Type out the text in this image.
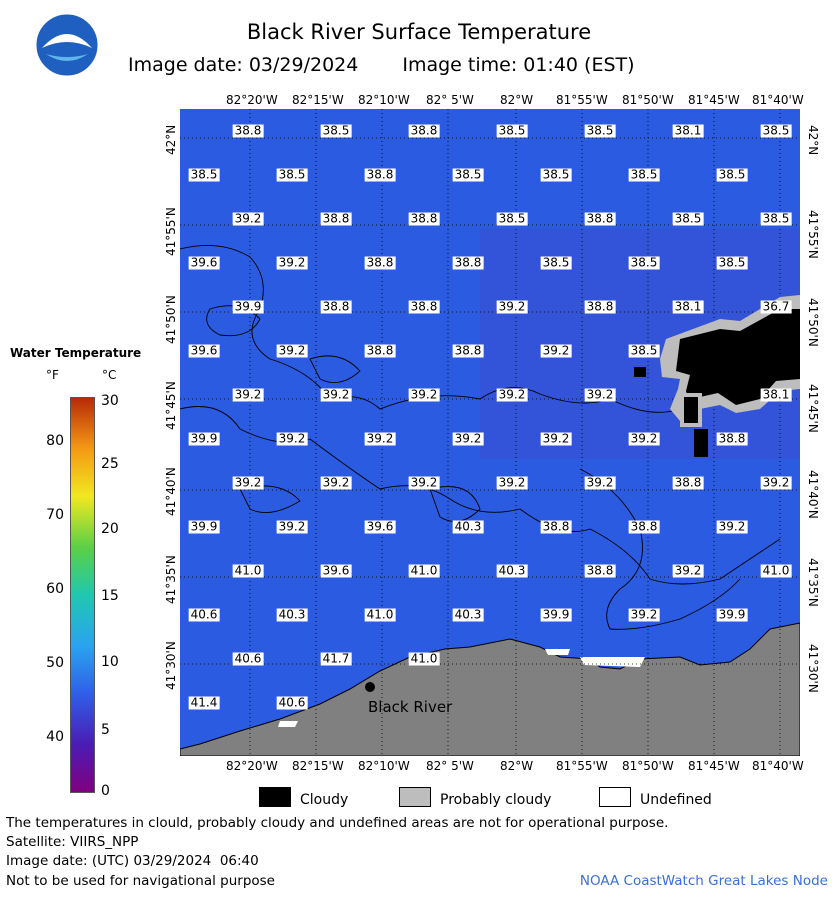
Black River Surface Temperature
Image date: 03/29/2024 Image time: 01:40 (EST)
82°20'W 82°15'W 82°10'W 82° 5'W 82°W 81°55'W 81°50'W 81°45'W 81°40'W
82°20'W 82°15'W 82°10'W 82° 5'W 82°W 81°55'W 81°50'W 81°45'W 81°40'W
42°N
41°55'N
41°50'N
41°45'N
41°40'N
41°35'N
41°30'N
42°N
41°55'N
41°50'N
41°45'N
41°40'N
41°35'N
41°30'N
38.8	38.5	38.8	38.5	38.5	38.1	38.5
38.5	38.5	38.8	38.5	38.5	38.5	38.5
39.2	38.8	38.8	38.5	38.8	38.5	38.5
39.6	39.2	38.8	38.8	38.5	38.5	38.5
39.9	38.8	38.8	39.2	38.8	38.1	36.7
39.6	39.2	38.8	38.8	39.2	38.5
39.2	39.2	39.2	39.2	39.2	38.1
39.9	39.2	39.2	39.2	39.2	39.2	38.8
39.2	39.2	39.2	39.2	39.2	38.8	39.2
39.9	39.2	39.6	40.3	38.8	38.8	39.2
41.0	39.6	41.0	40.3	38.8	39.2	41.0
40.6	40.3	41.0	40.3	39.9	39.2	39.9
40.6	41.7	41.0
41.4	40.6	Black River
Water Temperature
°F	°C
80
70
60
50
40
30
25
20
15
10
5
0
Cloudy	Probably cloudy	Undefined
The temperatures in clould, probably cloudy and undefined areas are not for operational purpose.
Satellite: VIIRS_NPP
Image date: (UTC) 03/29/2024  06:40
Not to be used for navigational purpose	NOAA CoastWatch Great Lakes Node
